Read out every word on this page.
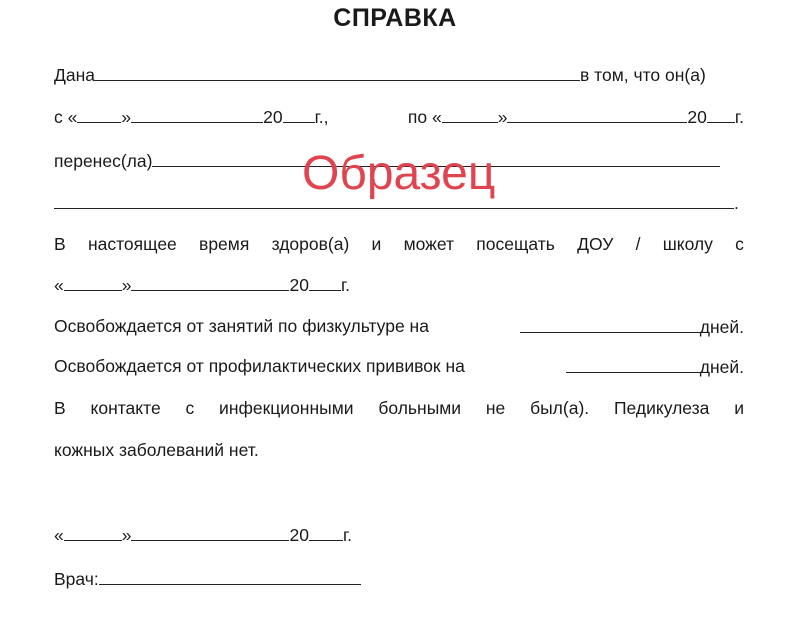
СПРАВКА
Дана	в том, что он(а)
с «	»	20 г.,	по «	»	20 г.
перенес(ла)
.
В настоящее время здоров(а) и может посещать ДОУ / школу с
«	»	20 г.
Освобождается от занятий по физкультуре на	дней.
Освобождается от профилактических прививок на	дней.
В контакте с инфекционными больными не был(а). Педикулеза и
кожных заболеваний нет.
«	»	20 г.
Врач:
Образец
